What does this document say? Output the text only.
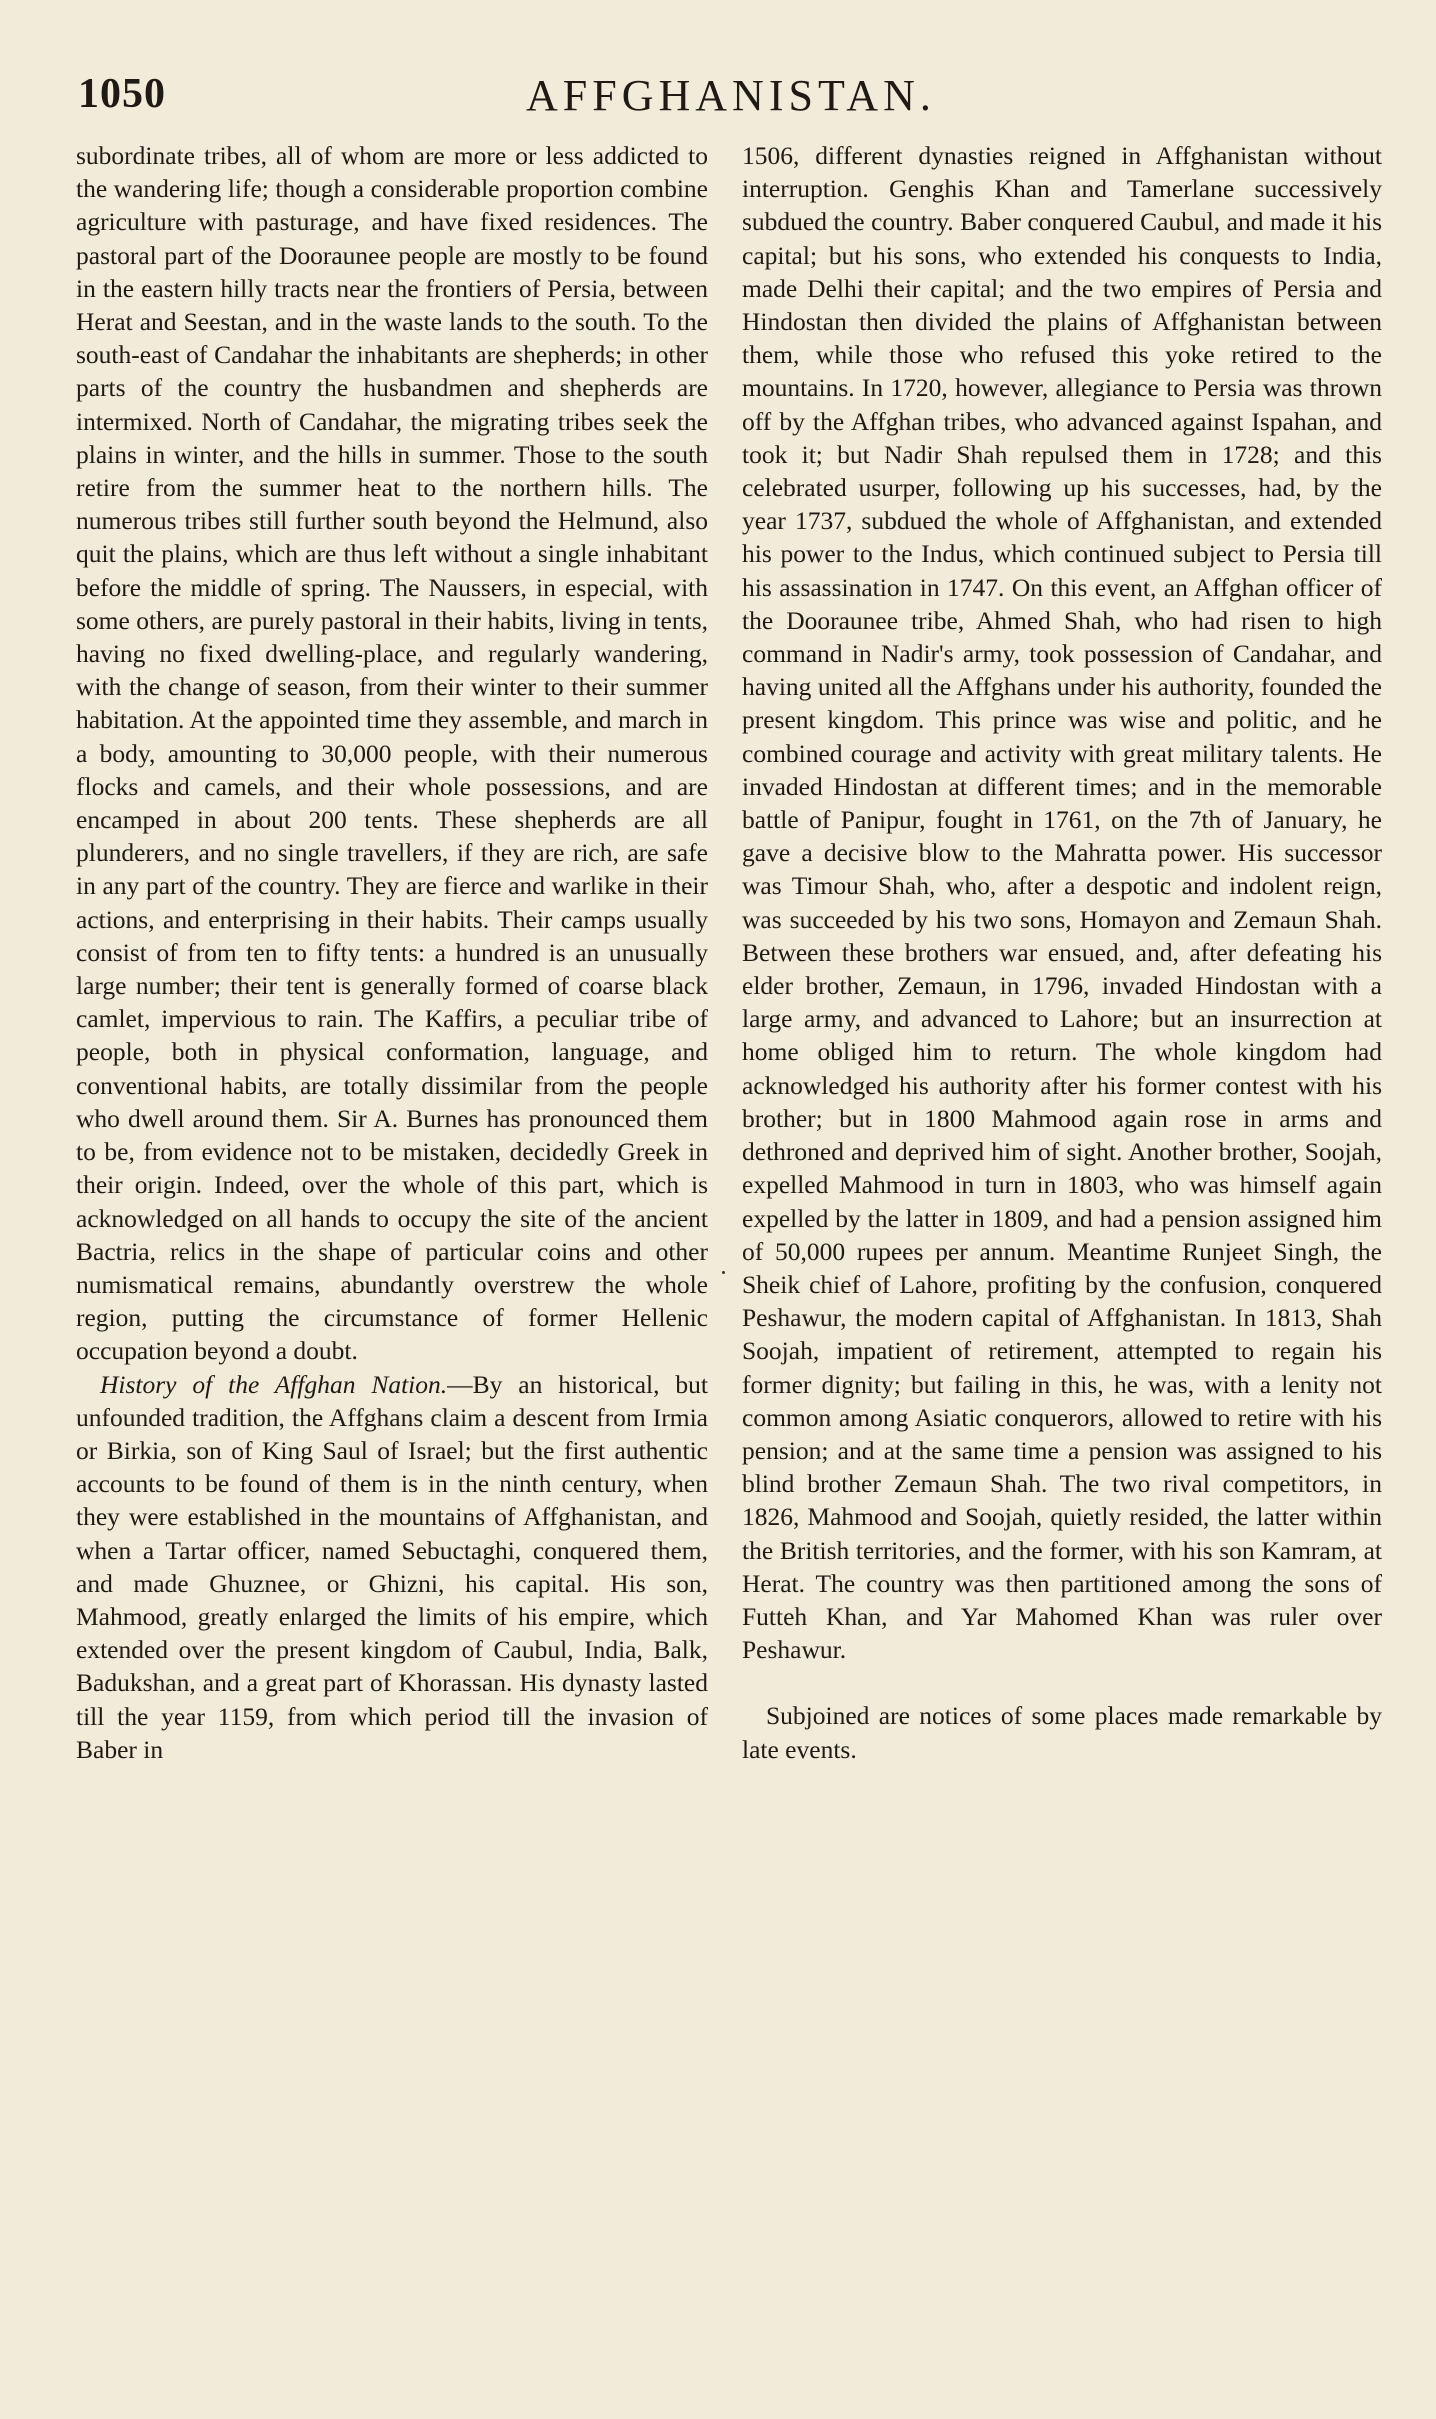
1050	AFFGHANISTAN.

subordinate tribes, all of whom are more or less addicted to the wandering life; though a considerable proportion combine agriculture with pasturage, and have fixed residences. The pastoral part of the Dooraunee people are mostly to be found in the eastern hilly tracts near the frontiers of Persia, between Herat and Seestan, and in the waste lands to the south. To the south-east of Candahar the inhabitants are shepherds; in other parts of the country the husbandmen and shepherds are intermixed. North of Candahar, the migrating tribes seek the plains in winter, and the hills in summer. Those to the south retire from the summer heat to the northern hills. The numerous tribes still further south beyond the Helmund, also quit the plains, which are thus left without a single inhabitant before the middle of spring. The Naussers, in especial, with some others, are purely pastoral in their habits, living in tents, having no fixed dwelling-place, and regularly wandering, with the change of season, from their winter to their summer habitation. At the appointed time they assemble, and march in a body, amounting to 30,000 people, with their numerous flocks and camels, and their whole possessions, and are encamped in about 200 tents. These shepherds are all plunderers, and no single travellers, if they are rich, are safe in any part of the country. They are fierce and warlike in their actions, and enterprising in their habits. Their camps usually consist of from ten to fifty tents: a hundred is an unusually large number; their tent is generally formed of coarse black camlet, impervious to rain. The Kaffirs, a peculiar tribe of people, both in physical conformation, language, and conventional habits, are totally dissimilar from the people who dwell around them. Sir A. Burnes has pronounced them to be, from evidence not to be mistaken, decidedly Greek in their origin. Indeed, over the whole of this part, which is acknowledged on all hands to occupy the site of the ancient Bactria, relics in the shape of particular coins and other numismatical remains, abundantly overstrew the whole region, putting the circumstance of former Hellenic occupation beyond a doubt.

History of the Affghan Nation.—By an historical, but unfounded tradition, the Affghans claim a descent from Irmia or Birkia, son of King Saul of Israel; but the first authentic accounts to be found of them is in the ninth century, when they were established in the mountains of Affghanistan, and when a Tartar officer, named Sebuctaghi, conquered them, and made Ghuznee, or Ghizni, his capital. His son, Mahmood, greatly enlarged the limits of his empire, which extended over the present kingdom of Caubul, India, Balk, Badukshan, and a great part of Khorassan. His dynasty lasted till the year 1159, from which period till the invasion of Baber in

1506, different dynasties reigned in Affghanistan without interruption. Genghis Khan and Tamerlane successively subdued the country. Baber conquered Caubul, and made it his capital; but his sons, who extended his conquests to India, made Delhi their capital; and the two empires of Persia and Hindostan then divided the plains of Affghanistan between them, while those who refused this yoke retired to the mountains. In 1720, however, allegiance to Persia was thrown off by the Affghan tribes, who advanced against Ispahan, and took it; but Nadir Shah repulsed them in 1728; and this celebrated usurper, following up his successes, had, by the year 1737, subdued the whole of Affghanistan, and extended his power to the Indus, which continued subject to Persia till his assassination in 1747. On this event, an Affghan officer of the Dooraunee tribe, Ahmed Shah, who had risen to high command in Nadir's army, took possession of Candahar, and having united all the Affghans under his authority, founded the present kingdom. This prince was wise and politic, and he combined courage and activity with great military talents. He invaded Hindostan at different times; and in the memorable battle of Panipur, fought in 1761, on the 7th of January, he gave a decisive blow to the Mahratta power. His successor was Timour Shah, who, after a despotic and indolent reign, was succeeded by his two sons, Homayon and Zemaun Shah. Between these brothers war ensued, and, after defeating his elder brother, Zemaun, in 1796, invaded Hindostan with a large army, and advanced to Lahore; but an insurrection at home obliged him to return. The whole kingdom had acknowledged his authority after his former contest with his brother; but in 1800 Mahmood again rose in arms and dethroned and deprived him of sight. Another brother, Soojah, expelled Mahmood in turn in 1803, who was himself again expelled by the latter in 1809, and had a pension assigned him of 50,000 rupees per annum. Meantime Runjeet Singh, the Sheik chief of Lahore, profiting by the confusion, conquered Peshawur, the modern capital of Affghanistan. In 1813, Shah Soojah, impatient of retirement, attempted to regain his former dignity; but failing in this, he was, with a lenity not common among Asiatic conquerors, allowed to retire with his pension; and at the same time a pension was assigned to his blind brother Zemaun Shah. The two rival competitors, in 1826, Mahmood and Soojah, quietly resided, the latter within the British territories, and the former, with his son Kamram, at Herat. The country was then partitioned among the sons of Futteh Khan, and Yar Mahomed Khan was ruler over Peshawur.

Subjoined are notices of some places made remarkable by late events.
